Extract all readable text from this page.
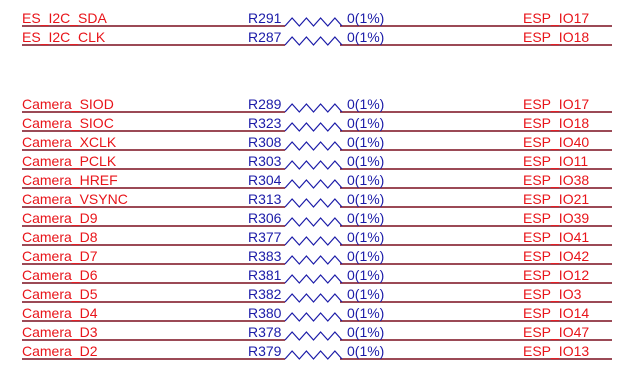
ES_I2C_SDA	R291	0(1%)	ESP_IO17
ES_I2C_CLK	R287	0(1%)	ESP_IO18
Camera_SIOD	R289	0(1%)	ESP_IO17
Camera_SIOC	R323	0(1%)	ESP_IO18
Camera_XCLK	R308	0(1%)	ESP_IO40
Camera_PCLK	R303	0(1%)	ESP_IO11
Camera_HREF	R304	0(1%)	ESP_IO38
Camera_VSYNC	R313	0(1%)	ESP_IO21
Camera_D9	R306	0(1%)	ESP_IO39
Camera_D8	R377	0(1%)	ESP_IO41
Camera_D7	R383	0(1%)	ESP_IO42
Camera_D6	R381	0(1%)	ESP_IO12
Camera_D5	R382	0(1%)	ESP_IO3
Camera_D4	R380	0(1%)	ESP_IO14
Camera_D3	R378	0(1%)	ESP_IO47
Camera_D2	R379	0(1%)	ESP_IO13
